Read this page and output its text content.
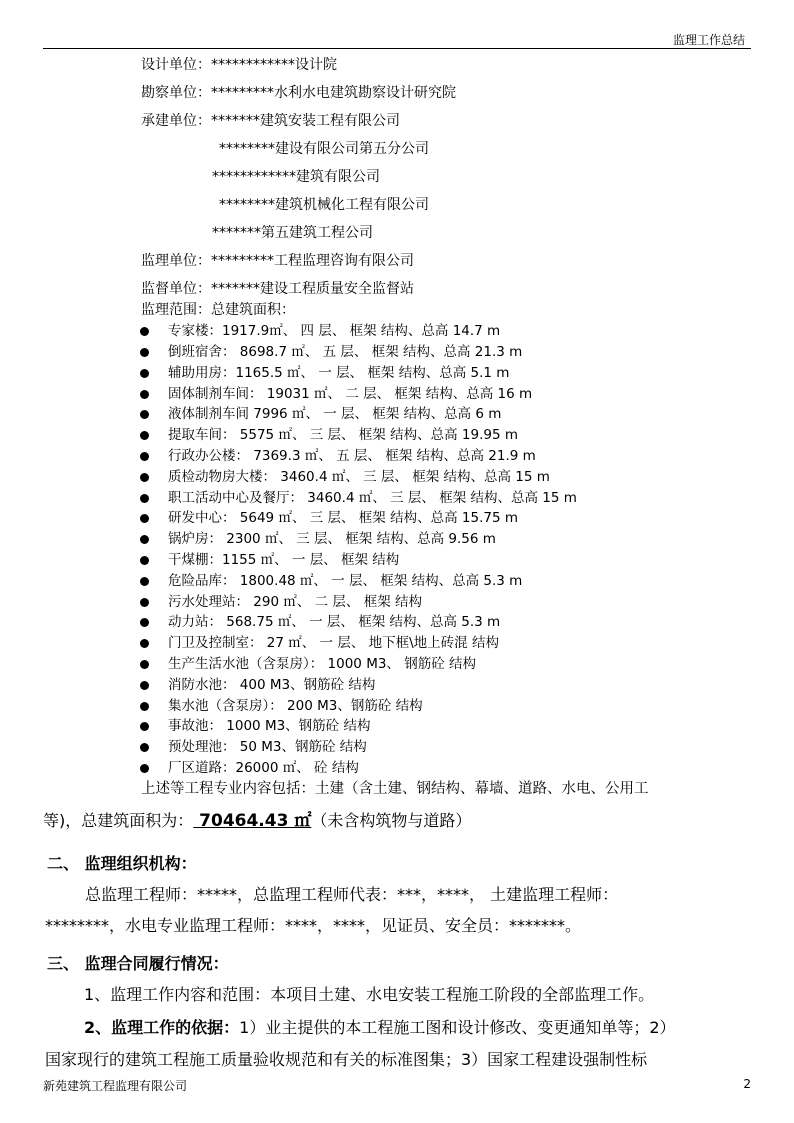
监理工作总结
设计单位：************设计院
勘察单位：*********水利水电建筑勘察设计研究院
承建单位：*******建筑安装工程有限公司
********建设有限公司第五分公司
************建筑有限公司
********建筑机械化工程有限公司
*******第五建筑工程公司
监理单位：*********工程监理咨询有限公司
监督单位：*******建设工程质量安全监督站
监理范围：总建筑面积：
专家楼：1917.9㎡、 四 层、 框架 结构、总高 14.7 m
倒班宿舍： 8698.7 ㎡、 五 层、 框架 结构、总高 21.3 m
辅助用房：1165.5 ㎡、 一 层、 框架 结构、总高 5.1 m
固体制剂车间： 19031 ㎡、 二 层、 框架 结构、总高 16 m
液体制剂车间 7996 ㎡、 一 层、 框架 结构、总高 6 m
提取车间： 5575 ㎡、 三 层、 框架 结构、总高 19.95 m
行政办公楼： 7369.3 ㎡、 五 层、 框架 结构、总高 21.9 m
质检动物房大楼： 3460.4 ㎡、 三 层、 框架 结构、总高 15 m
职工活动中心及餐厅： 3460.4 ㎡、 三 层、 框架 结构、总高 15 m
研发中心： 5649 ㎡、 三 层、 框架 结构、总高 15.75 m
锅炉房： 2300 ㎡、 三 层、 框架 结构、总高 9.56 m
干煤棚：1155 ㎡、 一 层、 框架 结构
危险品库： 1800.48 ㎡、 一 层、 框架 结构、总高 5.3 m
污水处理站： 290 ㎡、 二 层、 框架 结构
动力站： 568.75 ㎡、 一 层、 框架 结构、总高 5.3 m
门卫及控制室： 27 ㎡、 一 层、 地下框\地上砖混 结构
生产生活水池（含泵房）： 1000 M3、 钢筋砼 结构
消防水池： 400 M3、钢筋砼 结构
集水池（含泵房）： 200 M3、钢筋砼 结构
事故池： 1000 M3、钢筋砼 结构
预处理池： 50 M3、钢筋砼 结构
厂区道路：26000 ㎡、 砼 结构
上述等工程专业内容包括：土建（含土建、钢结构、幕墙、道路、水电、公用工
等)，总建筑面积为： 70464.43 ㎡（未含构筑物与道路）
二、 监理组织机构：
总监理工程师：*****，总监理工程师代表：***，****， 土建监理工程师：
********，水电专业监理工程师：****，****，见证员、安全员：*******。
三、 监理合同履行情况：
1、监理工作内容和范围：本项目土建、水电安装工程施工阶段的全部监理工作。
2、监理工作的依据：1）业主提供的本工程施工图和设计修改、变更通知单等；2）
国家现行的建筑工程施工质量验收规范和有关的标准图集；3）国家工程建设强制性标
新苑建筑工程监理有限公司	2
